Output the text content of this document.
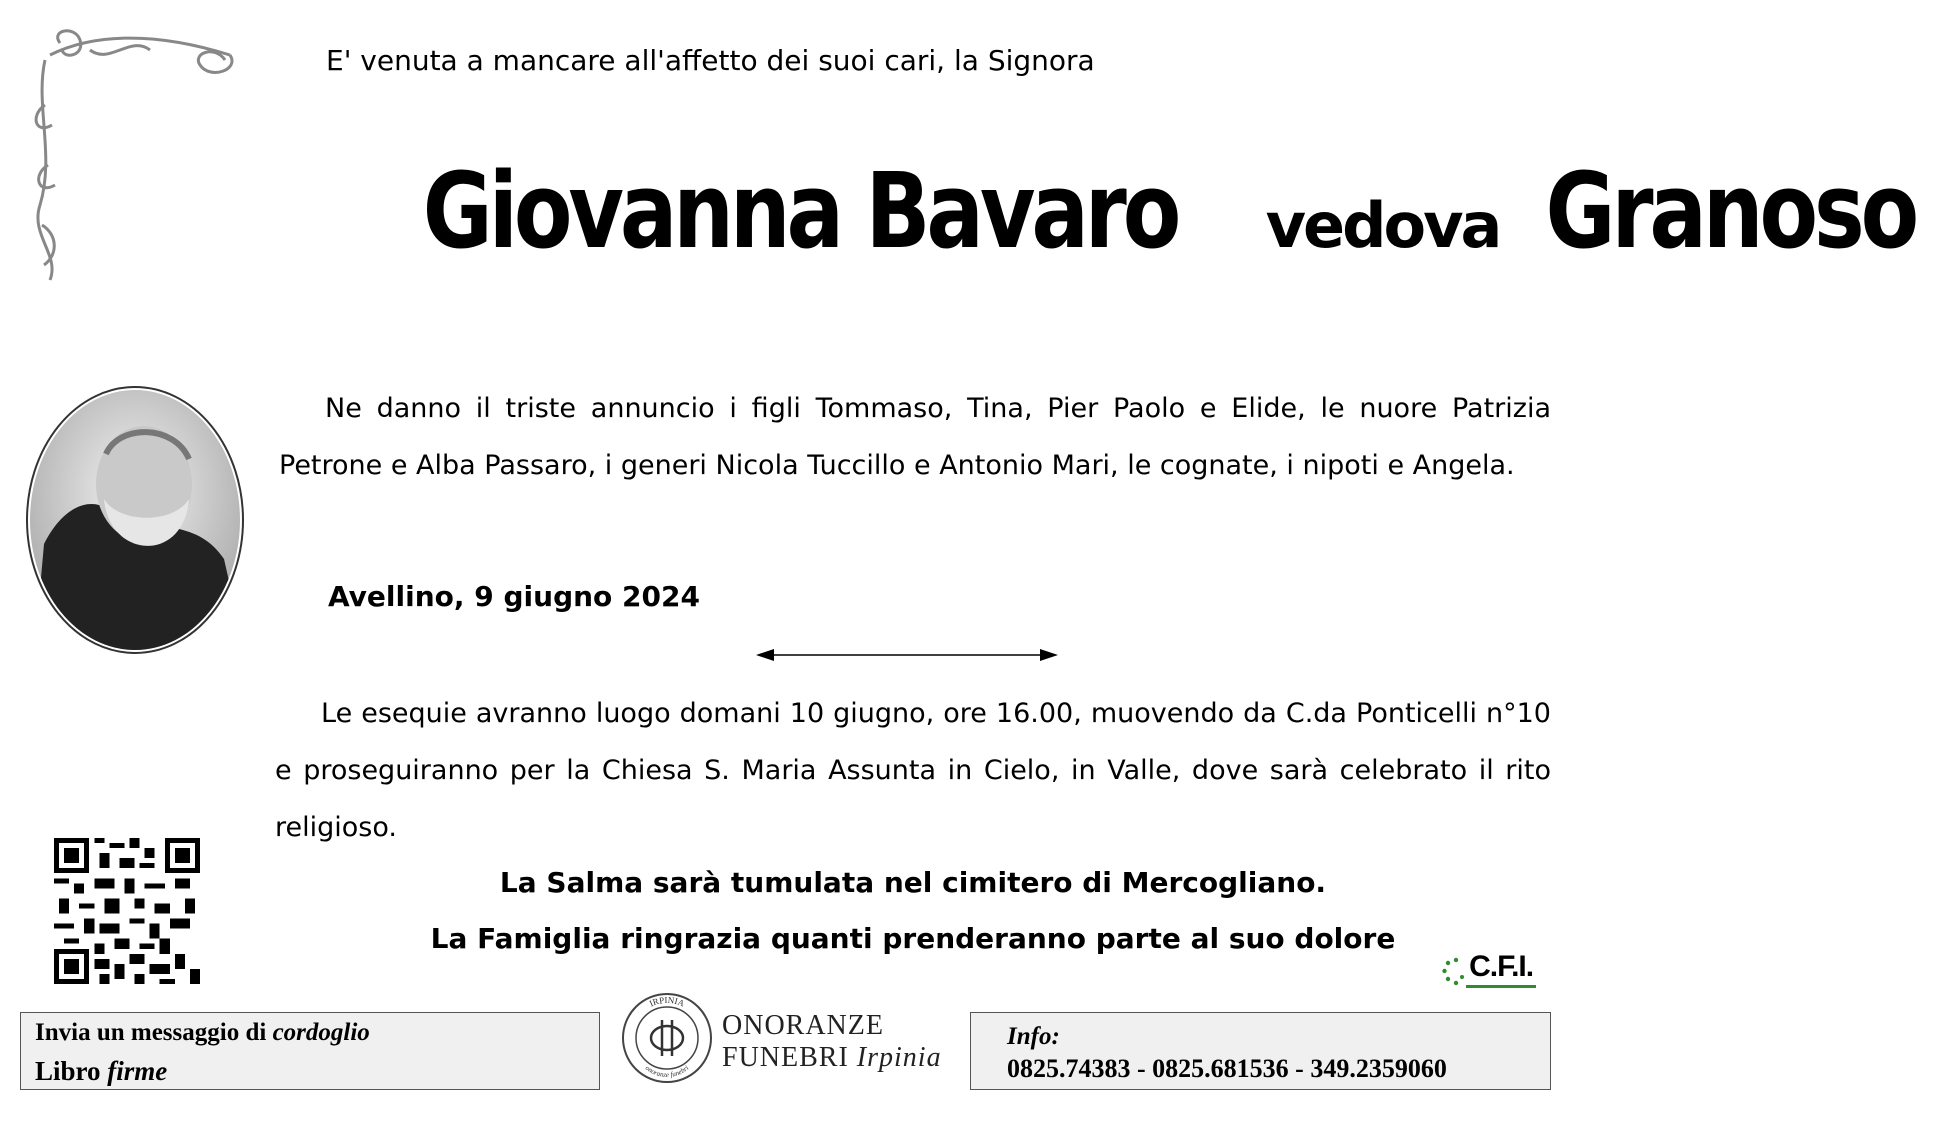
E' venuta a mancare all'affetto dei suoi cari, la Signora
Giovanna Bavaro vedova Granoso
Ne danno il triste annuncio i figli Tommaso, Tina, Pier Paolo e Elide, le nuore Patrizia Petrone e Alba Passaro, i generi Nicola Tuccillo e Antonio Mari, le cognate, i nipoti e Angela.
Avellino, 9 giugno 2024
Le esequie avranno luogo domani 10 giugno, ore 16.00, muovendo da C.da Ponticelli n°10 e proseguiranno per la Chiesa S. Maria Assunta in Cielo, in Valle, dove sarà celebrato il rito religioso.
La Salma sarà tumulata nel cimitero di Mercogliano.
La Famiglia ringrazia quanti prenderanno parte al suo dolore
C.F.I.
Invia un messaggio di cordoglio
Libro firme
IRPINIA
onoranze funebri
ONORANZE
FUNEBRI Irpinia
Info:
0825.74383 - 0825.681536 - 349.2359060
